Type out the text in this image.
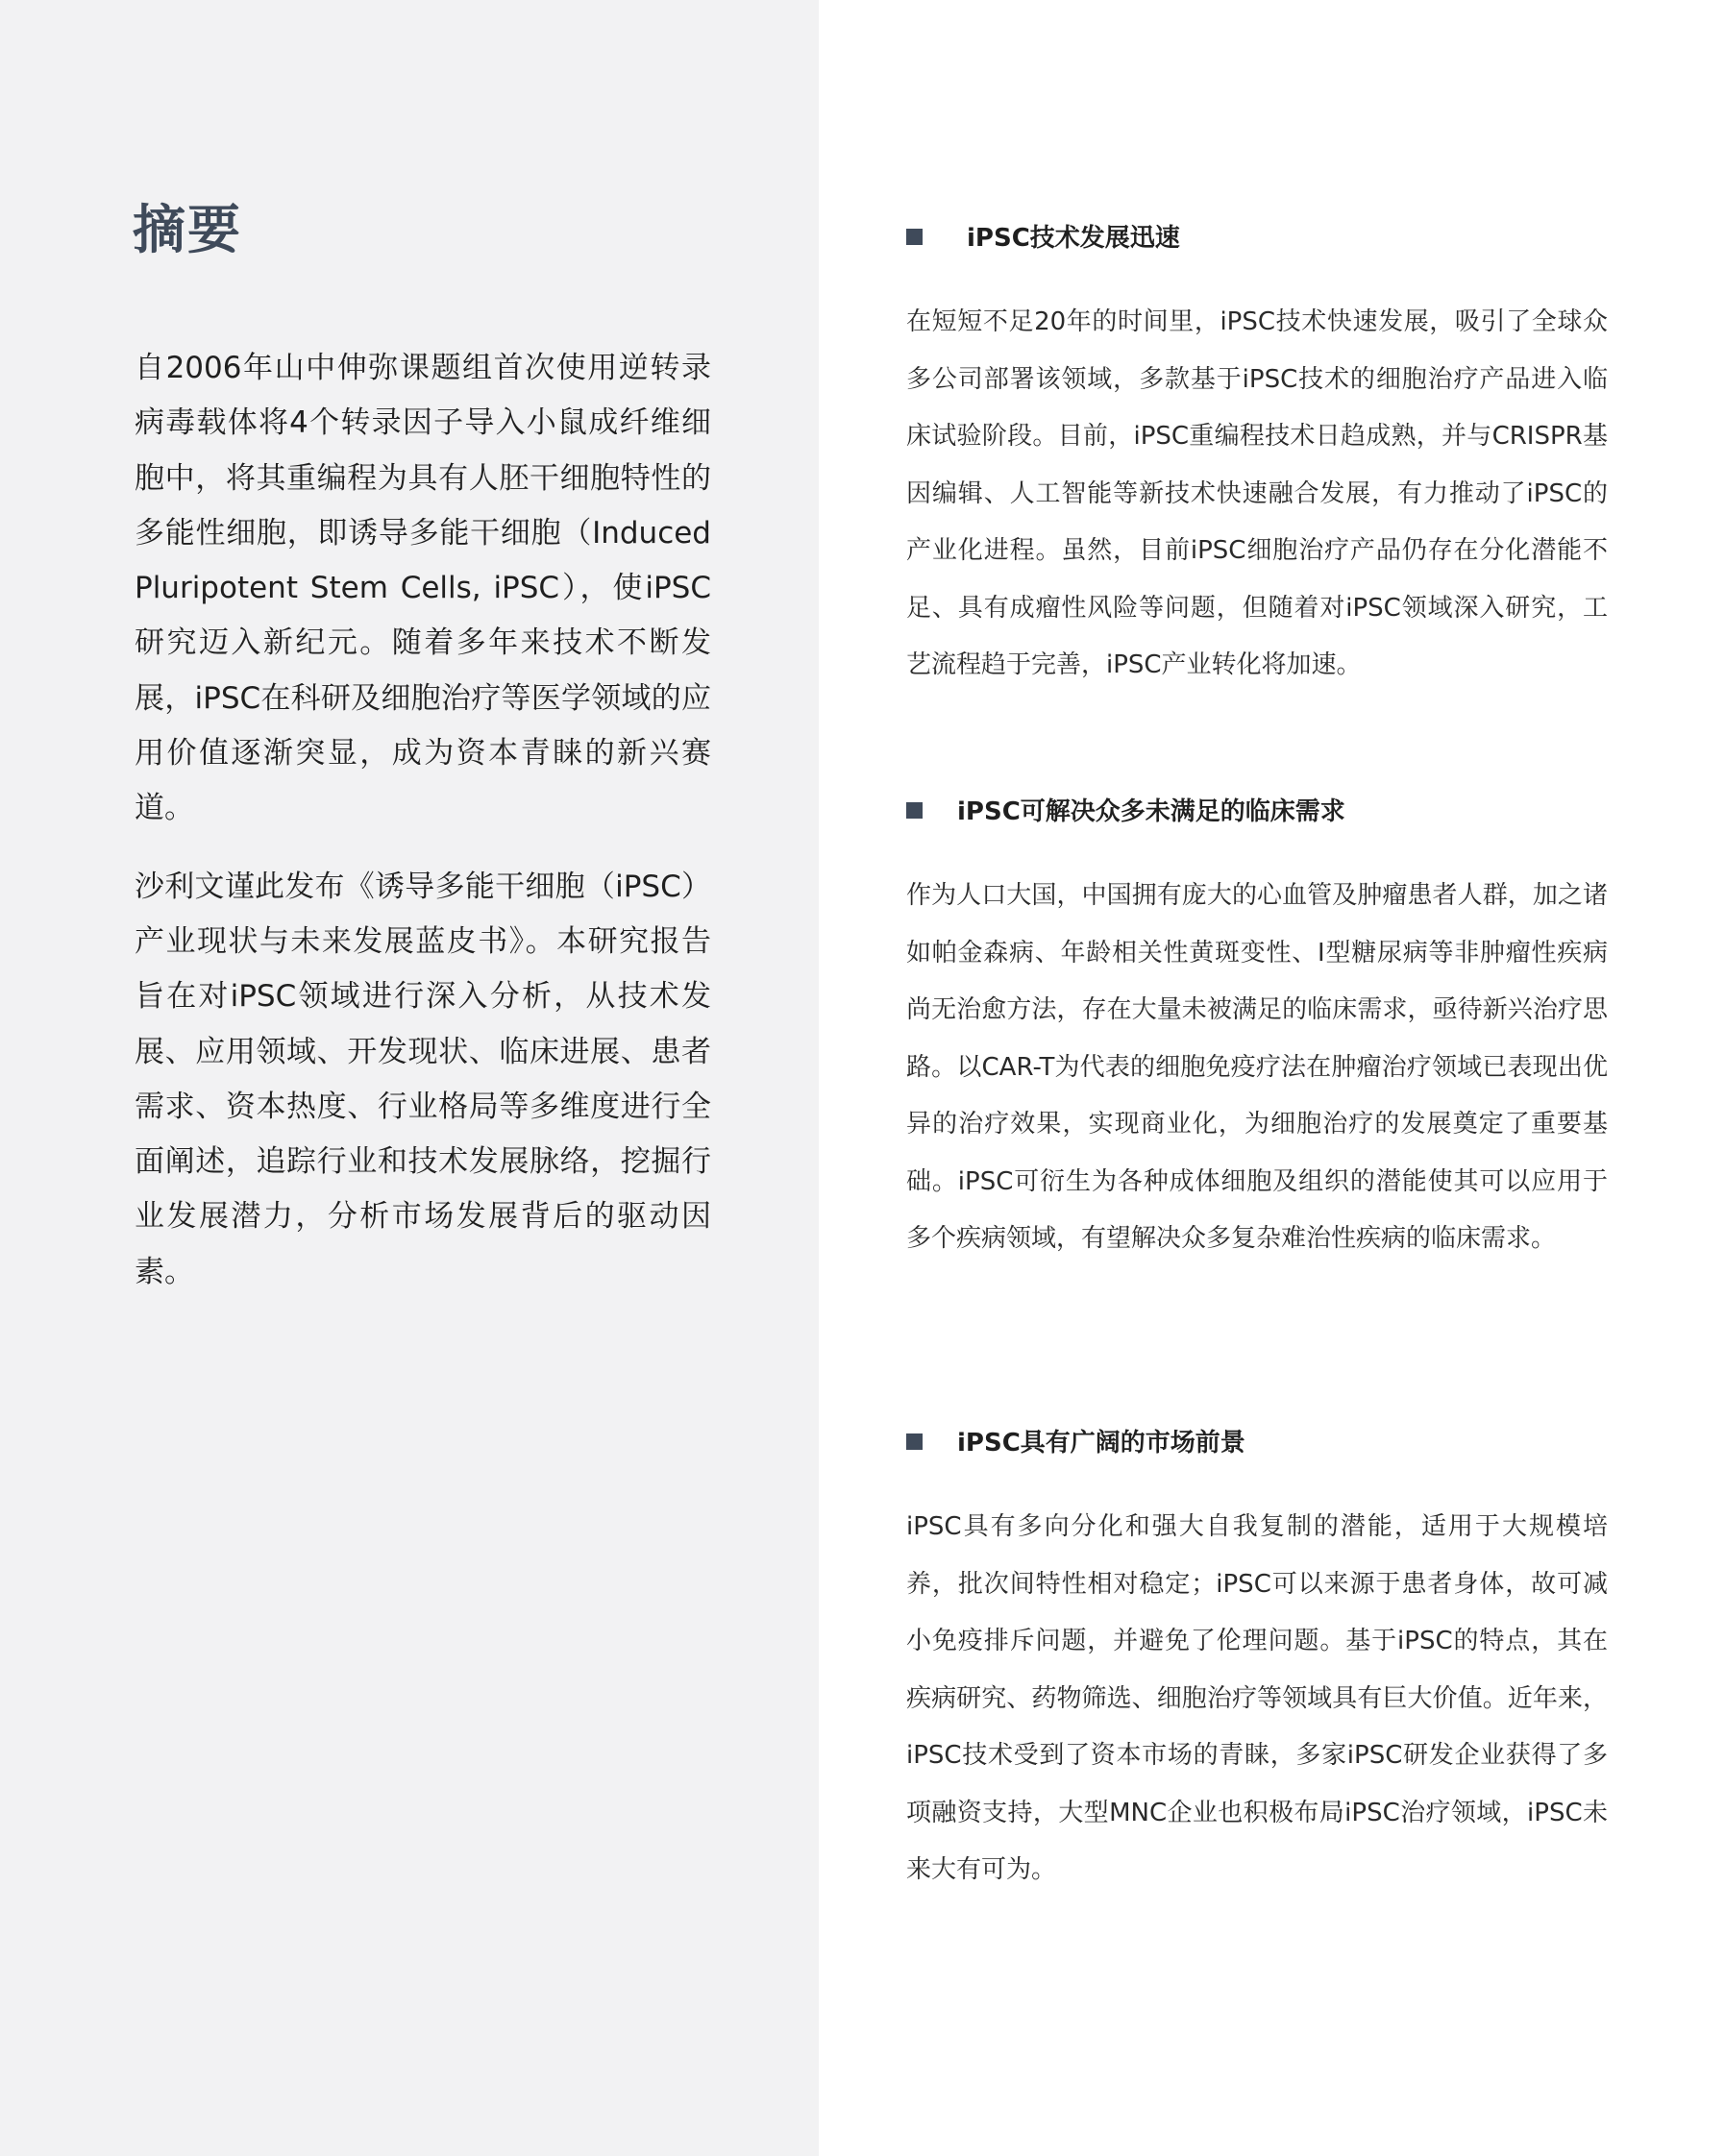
摘要

自2006年山中伸弥课题组首次使用逆转录病毒载体将4个转录因子导入小鼠成纤维细胞中，将其重编程为具有人胚干细胞特性的多能性细胞，即诱导多能干细胞（Induced Pluripotent Stem Cells, iPSC），使iPSC研究迈入新纪元。随着多年来技术不断发展，iPSC在科研及细胞治疗等医学领域的应用价值逐渐突显，成为资本青睐的新兴赛道。

沙利文谨此发布《诱导多能干细胞（iPSC）产业现状与未来发展蓝皮书》。本研究报告旨在对iPSC领域进行深入分析，从技术发展、应用领域、开发现状、临床进展、患者需求、资本热度、行业格局等多维度进行全面阐述，追踪行业和技术发展脉络，挖掘行业发展潜力，分析市场发展背后的驱动因素。

iPSC技术发展迅速

在短短不足20年的时间里，iPSC技术快速发展，吸引了全球众多公司部署该领域，多款基于iPSC技术的细胞治疗产品进入临床试验阶段。目前，iPSC重编程技术日趋成熟，并与CRISPR基因编辑、人工智能等新技术快速融合发展，有力推动了iPSC的产业化进程。虽然，目前iPSC细胞治疗产品仍存在分化潜能不足、具有成瘤性风险等问题，但随着对iPSC领域深入研究，工艺流程趋于完善，iPSC产业转化将加速。

iPSC可解决众多未满足的临床需求

作为人口大国，中国拥有庞大的心血管及肿瘤患者人群，加之诸如帕金森病、年龄相关性黄斑变性、I型糖尿病等非肿瘤性疾病尚无治愈方法，存在大量未被满足的临床需求，亟待新兴治疗思路。以CAR-T为代表的细胞免疫疗法在肿瘤治疗领域已表现出优异的治疗效果，实现商业化，为细胞治疗的发展奠定了重要基础。iPSC可衍生为各种成体细胞及组织的潜能使其可以应用于多个疾病领域，有望解决众多复杂难治性疾病的临床需求。

iPSC具有广阔的市场前景

iPSC具有多向分化和强大自我复制的潜能，适用于大规模培养，批次间特性相对稳定；iPSC可以来源于患者身体，故可减小免疫排斥问题，并避免了伦理问题。基于iPSC的特点，其在疾病研究、药物筛选、细胞治疗等领域具有巨大价值。近年来，iPSC技术受到了资本市场的青睐，多家iPSC研发企业获得了多项融资支持，大型MNC企业也积极布局iPSC治疗领域，iPSC未来大有可为。
